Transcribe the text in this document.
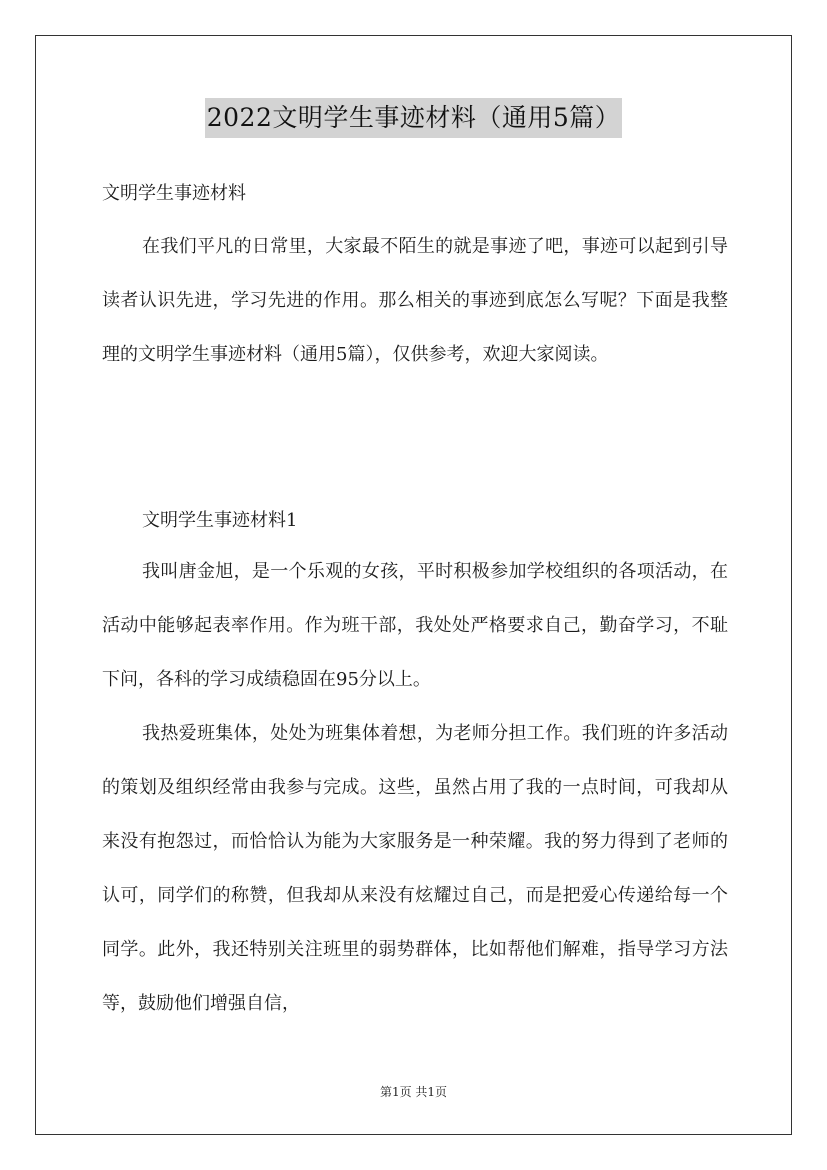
2022文明学生事迹材料（通用5篇）
文明学生事迹材料

在我们平凡的日常里，大家最不陌生的就是事迹了吧，事迹可以起到引导读者认识先进，学习先进的作用。那么相关的事迹到底怎么写呢？下面是我整理的文明学生事迹材料（通用5篇），仅供参考，欢迎大家阅读。

文明学生事迹材料1

我叫唐金旭，是一个乐观的女孩，平时积极参加学校组织的各项活动，在活动中能够起表率作用。作为班干部，我处处严格要求自己，勤奋学习，不耻下问，各科的学习成绩稳固在95分以上。

我热爱班集体，处处为班集体着想，为老师分担工作。我们班的许多活动的策划及组织经常由我参与完成。这些，虽然占用了我的一点时间，可我却从来没有抱怨过，而恰恰认为能为大家服务是一种荣耀。我的努力得到了老师的认可，同学们的称赞，但我却从来没有炫耀过自己，而是把爱心传递给每一个同学。此外，我还特别关注班里的弱势群体，比如帮他们解难，指导学习方法等，鼓励他们增强自信，

第1页 共1页
